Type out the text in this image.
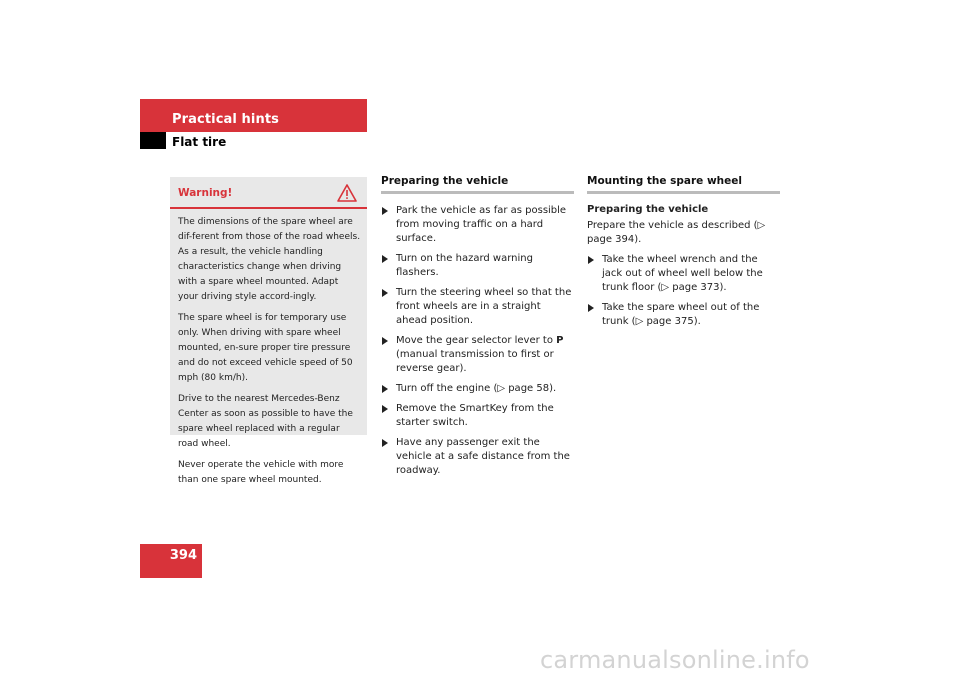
Practical hints
Flat tire
Warning!

The dimensions of the spare wheel are dif-ferent from those of the road wheels. As a result, the vehicle handling characteristics change when driving with a spare wheel mounted. Adapt your driving style accord-ingly.

The spare wheel is for temporary use only. When driving with spare wheel mounted, en-sure proper tire pressure and do not exceed vehicle speed of 50 mph (80 km/h).

Drive to the nearest Mercedes-Benz Center as soon as possible to have the spare wheel replaced with a regular road wheel.

Never operate the vehicle with more than one spare wheel mounted.

Preparing the vehicle
Park the vehicle as far as possible from moving traffic on a hard surface.
Turn on the hazard warning flashers.
Turn the steering wheel so that the front wheels are in a straight ahead position.
Move the gear selector lever to P (manual transmission to first or reverse gear).
Turn off the engine (▷ page 58).
Remove the SmartKey from the starter switch.
Have any passenger exit the vehicle at a safe distance from the roadway.
Mounting the spare wheel
Preparing the vehicle
Prepare the vehicle as described (▷ page 394).
Take the wheel wrench and the jack out of wheel well below the trunk floor (▷ page 373).
Take the spare wheel out of the trunk (▷ page 375).
394
carmanualsonline.info
